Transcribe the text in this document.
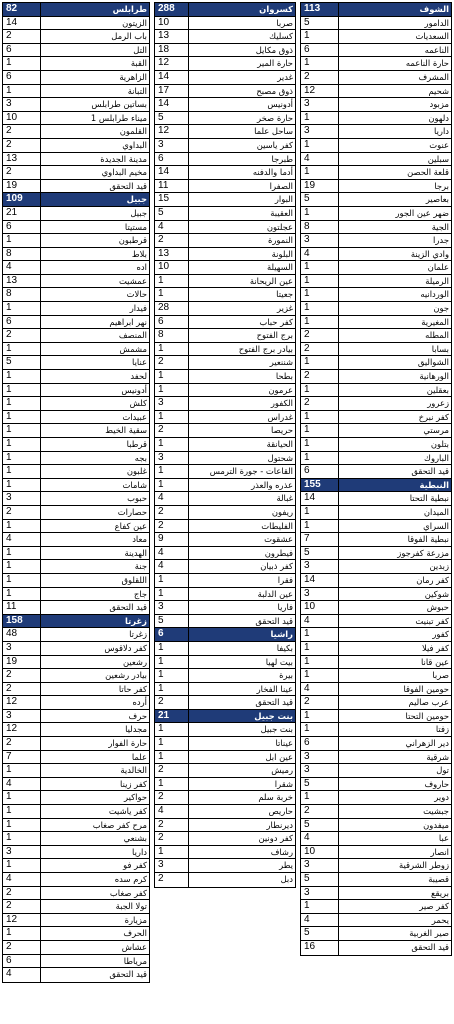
82	طرابلس
14	الزيتون
2	باب الرمل
6	التل
1	القبة
6	الزاهرية
1	التبانة
3	بساتين طرابلس
10	ميناء طرابلس 1
2	القلمون
2	البداوي
13	مدينة الجديدة
2	مخيم البداوي
19	قيد التحقق
109	جبيل
21	جبيل
6	مستيتا
1	قرطبون
8	بلاط
4	اده
13	عمشيت
8	حالات
1	فيدار
6	نهر ابراهيم
2	المنصف
1	مشمش
5	عنايا
1	لحفد
1	أدونيس
1	كلش
1	عبيدات
1	سقية الخيط
1	قرطبا
1	بجه
1	غلبون
1	شامات
3	حبوب
2	حصارات
1	عين كفاع
4	معاد
1	الهدينة
1	جنة
1	اللقلوق
1	جاج
11	قيد التحقق
158	زغرتا
48	زغرتا
3	كفر دلاقوس
19	رشعين
2	بيادر رشعين
2	كفر حاتا
12	أرده
3	حرف
12	مجدليا
2	حارة الفوار
7	علما
1	الخالدية
4	كفر زينا
1	حواكير
1	كفر ياشيت
1	مرح كفر صغاب
1	بشنعي
3	داريا
1	كفر فو
4	كرم سده
2	كفر صغاب
2	تولا الجبة
12	مزيارة
1	الحرف
2	عشاش
6	مرياطا
4	قيد التحقق
288	كسروان
10	صربا
13	كسليك
18	ذوق مكايل
12	حارة المير
14	غدير
17	ذوق مصبح
14	أدونيس
5	حارة صخر
12	ساحل علما
3	كفر ياسين
6	طبرجا
14	أدما والدفنه
11	الصفرا
15	البوار
5	العقيبة
4	عجلتون
2	النمورة
13	البلونة
10	السهيلة
1	عين الريحانة
1	جعيتا
28	غزير
6	كفر حباب
8	برج الفتوح
1	بيادر برج الفتوح
2	شننعير
1	بطحا
1	عرمون
3	الكفور
1	غدراس
2	حريصا
1	الحيانقة
3	شحتول
1	القاعات - جورة الترمس
1	عذره والعذر
4	غبالة
2	ريفون
2	الفليطات
9	عشقوت
4	فيطرون
4	كفر ذبيان
1	فقرا
1	عين الدلبة
3	فاريا
5	قيد التحقق
6	راشيا
1	بكيفا
1	بيت لهيا
1	بيرة
1	عينا الفخار
2	قيد التحقق
21	بنت جبيل
1	بنت جبيل
1	عيناتا
1	عين ابل
2	رميش
1	شقرا
2	خربة سلم
4	حاريص
2	ديرنطار
2	كفر دونين
1	رشاف
3	يطر
2	دبل
113	الشوف
5	الدامور
1	السعديات
6	الناعمه
1	حارة الناعمه
2	المشرف
12	شحيم
3	مزبود
1	دلهون
3	داريا
1	عنوت
4	سبلين
1	قلعة الحصن
19	برجا
5	بعاصير
1	ضهر عين الجور
8	الجية
3	جدرا
4	وادي الزينة
1	علمان
1	الرميلة
1	الوردانيه
1	جون
1	المغيرية
2	المطله
2	بسابا
1	الشواليق
2	الورهانية
1	بعقلين
2	زعرور
1	كفر نبرخ
1	مرستي
1	بتلون
1	الباروك
6	قيد التحقق
155	النبطية
14	نبطية التحتا
1	الميدان
1	السراي
7	نبطية الفوقا
5	مزرعة كفرجوز
3	زبدين
14	كفر رمان
3	شوكين
10	حبوش
4	كفر تبنيت
1	كفور
1	كفر فيلا
1	عين قانا
1	صربا
4	حومين الفوقا
2	عرب صاليم
1	حومين التحتا
1	زفتا
6	دير الزهراني
3	شرقية
3	تول
5	حاروف
1	دوير
2	جبشيت
5	ميفدون
4	عبا
10	انصار
3	زوطر الشرقية
5	قصيبة
3	بريقع
1	كفر صير
4	يحمر
5	صير الغربية
16	قيد التحقق
